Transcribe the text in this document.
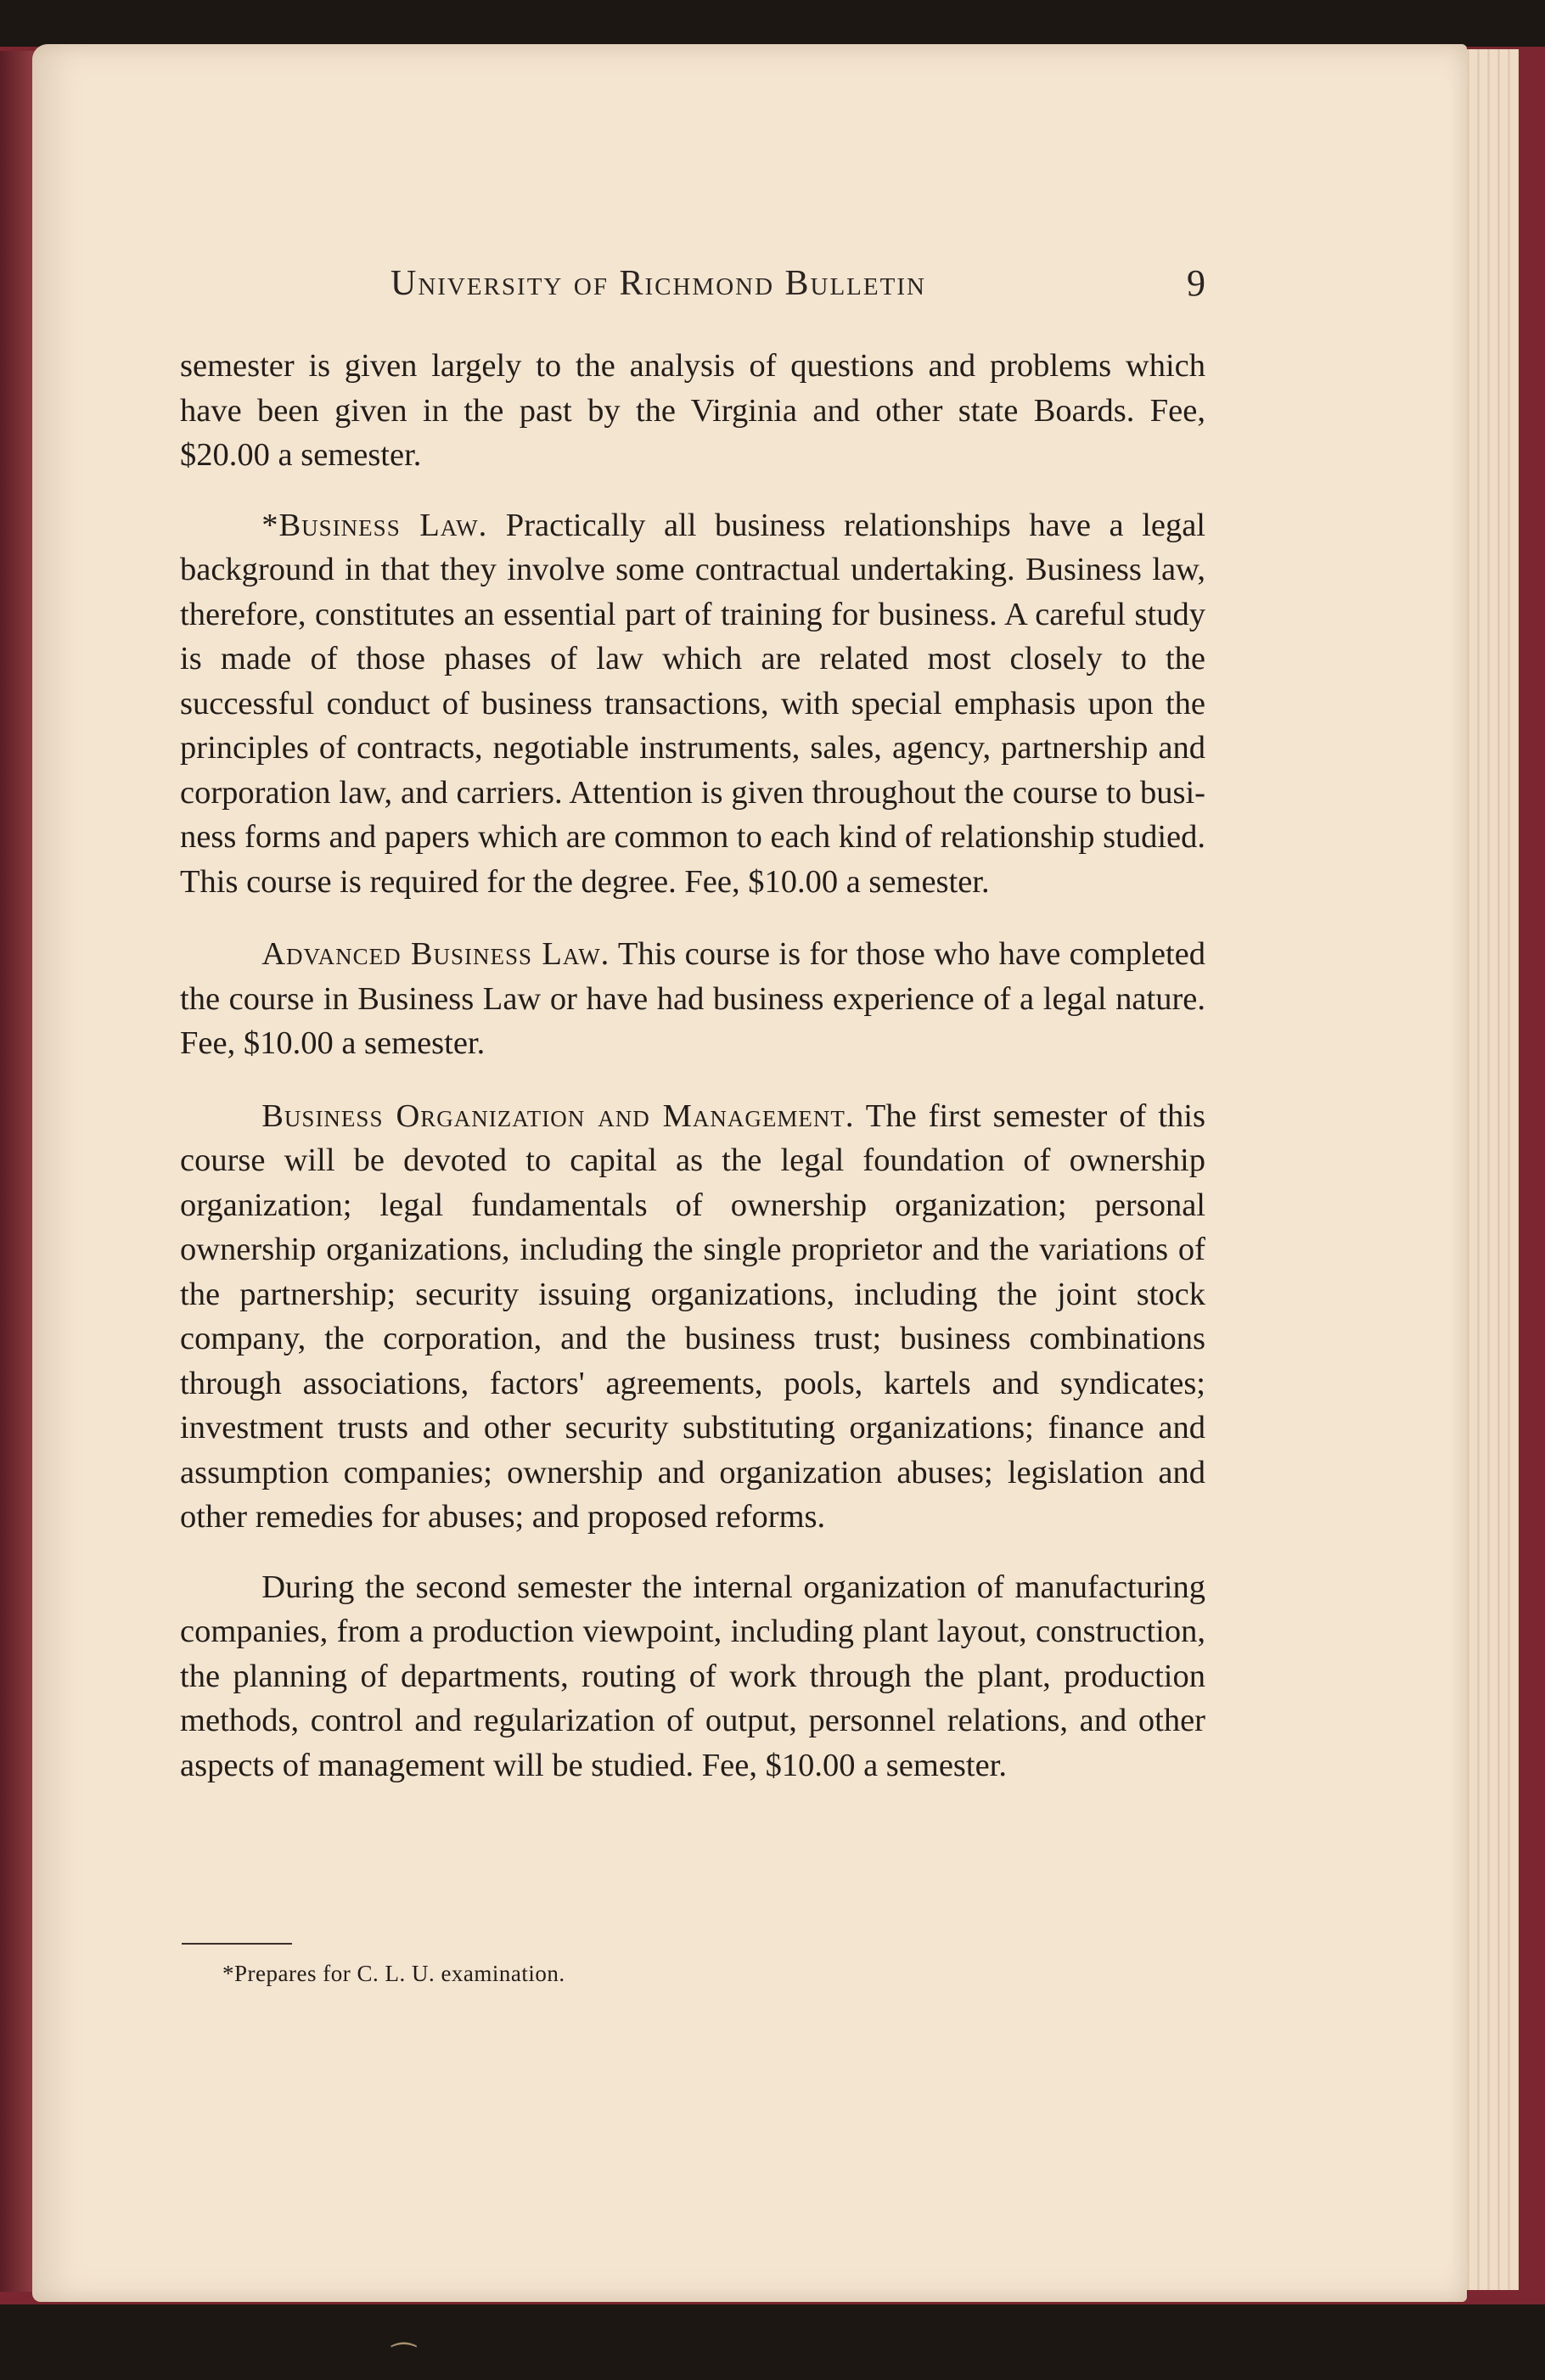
University of Richmond Bulletin	9

semester is given largely to the analysis of questions and problems which have been given in the past by the Virginia and other state Boards. Fee, $20.00 a semester.

*Business Law. Practically all business relationships have a legal background in that they involve some contractual undertaking. Business law, therefore, constitutes an essential part of training for business. A careful study is made of those phases of law which are related most closely to the successful conduct of business transactions, with special emphasis upon the principles of contracts, negotiable instruments, sales, agency, partnership and corporation law, and carriers. Attention is given throughout the course to business forms and papers which are common to each kind of relationship studied. This course is required for the degree. Fee, $10.00 a semester.

Advanced Business Law. This course is for those who have completed the course in Business Law or have had business experience of a legal nature. Fee, $10.00 a semester.

Business Organization and Management. The first semester of this course will be devoted to capital as the legal foundation of ownership organization; legal fundamentals of ownership organization; personal ownership organizations, including the single proprietor and the variations of the partnership; security issuing organizations, including the joint stock company, the corporation, and the business trust; business combinations through associations, factors' agreements, pools, kartels and syndicates; investment trusts and other security substituting organizations; finance and assumption companies; ownership and organization abuses; legislation and other remedies for abuses; and proposed reforms.

During the second semester the internal organization of manufacturing companies, from a production viewpoint, including plant layout, construction, the planning of departments, routing of work through the plant, production methods, control and regularization of output, personnel relations, and other aspects of management will be studied. Fee, $10.00 a semester.

*Prepares for C. L. U. examination.
⁀
